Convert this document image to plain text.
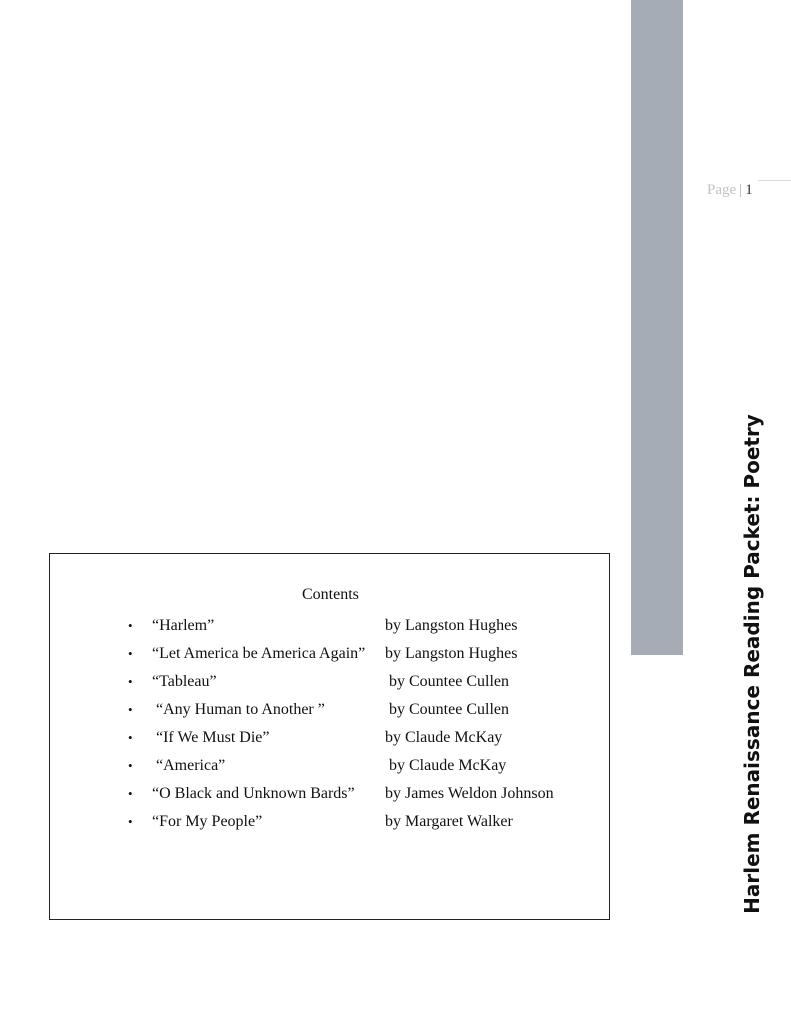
Page | 1
Harlem Renaissance Reading Packet: Poetry
Contents
• “Harlem”	by Langston Hughes
• “Let America be America Again” by Langston Hughes
• “Tableau”	by Countee Cullen
• “Any Human to Another ”	by Countee Cullen
• “If We Must Die”	by Claude McKay
• “America”	by Claude McKay
• “O Black and Unknown Bards” by James Weldon Johnson
• “For My People”	by Margaret Walker
